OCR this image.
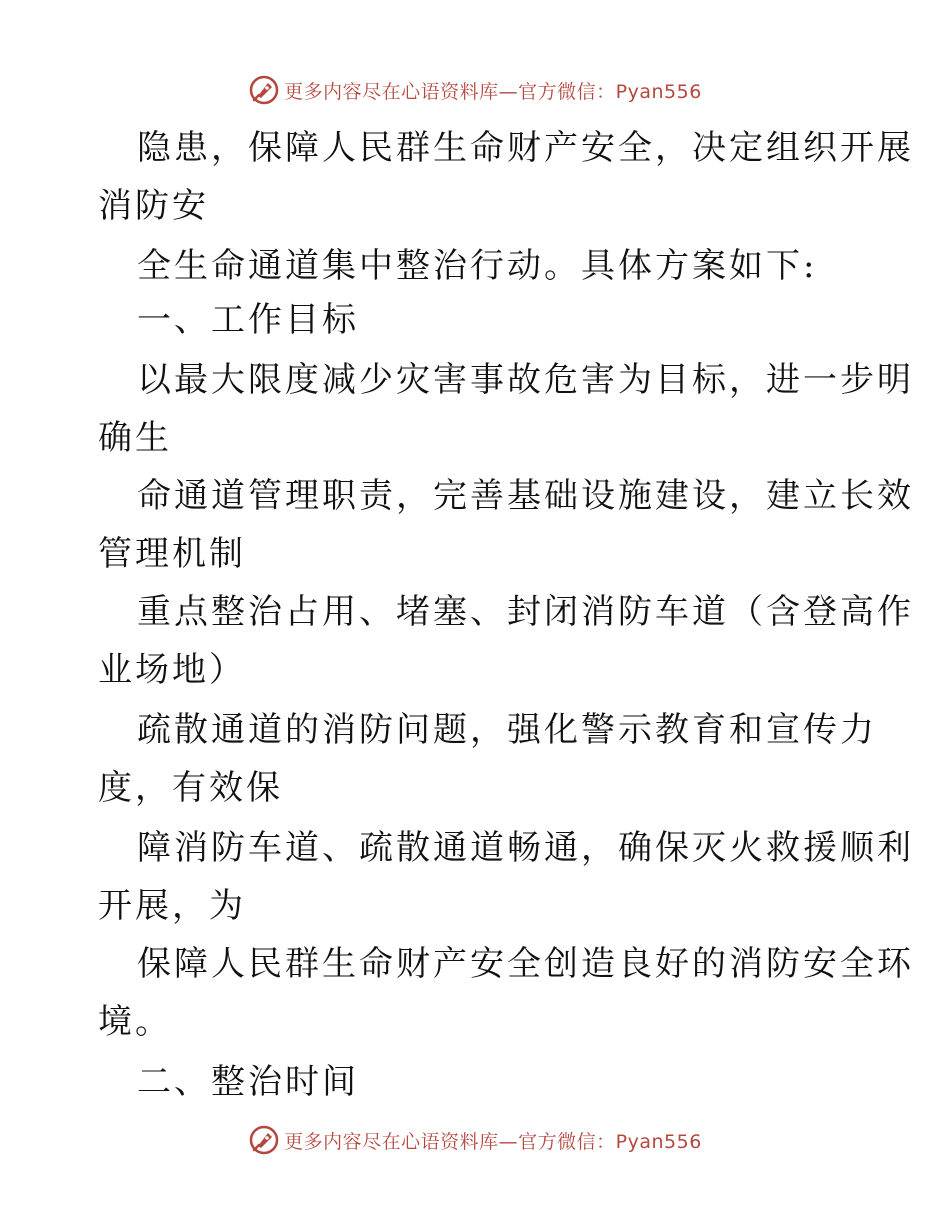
更多内容尽在心语资料库—官方微信：Pyan556
隐患，保障人民群生命财产安全，决定组织开展
消防安
全生命通道集中整治行动。具体方案如下:
一、工作目标
以最大限度减少灾害事故危害为目标，进一步明
确生
命通道管理职责，完善基础设施建设，建立长效
管理机制
重点整治占用、堵塞、封闭消防车道（含登高作
业场地）
疏散通道的消防问题，强化警示教育和宣传力
度，有效保
障消防车道、疏散通道畅通，确保灭火救援顺利
开展，为
保障人民群生命财产安全创造良好的消防安全环
境。
二、整治时间
更多内容尽在心语资料库—官方微信：Pyan556
